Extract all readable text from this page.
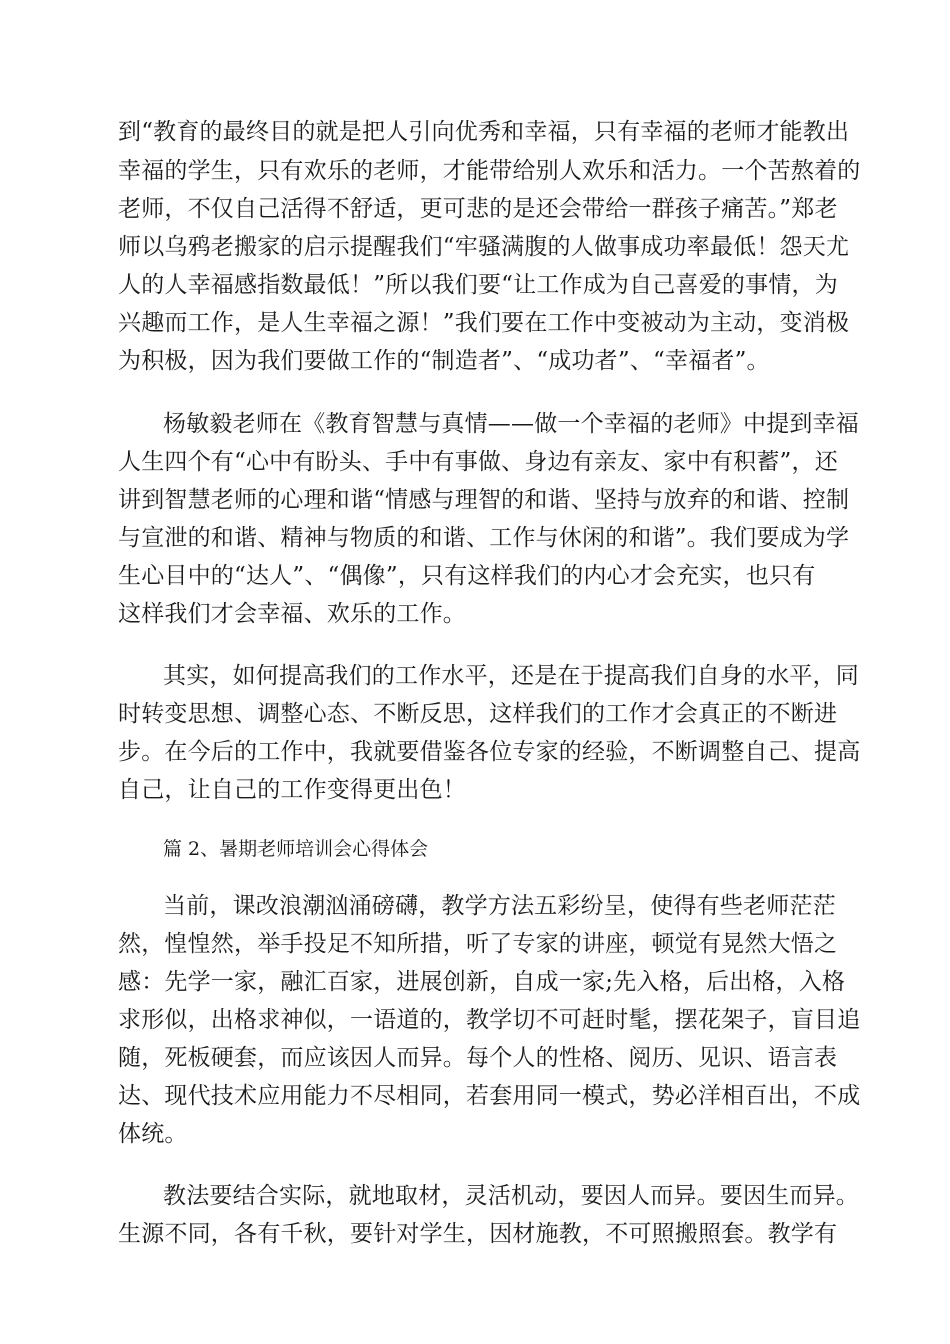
到“教育的最终目的就是把人引向优秀和幸福，只有幸福的老师才能教出
幸福的学生，只有欢乐的老师，才能带给别人欢乐和活力。一个苦熬着的
老师，不仅自己活得不舒适，更可悲的是还会带给一群孩子痛苦。”郑老
师以乌鸦老搬家的启示提醒我们“牢骚满腹的人做事成功率最低！怨天尤
人的人幸福感指数最低！”所以我们要“让工作成为自己喜爱的事情，为
兴趣而工作，是人生幸福之源！”我们要在工作中变被动为主动，变消极
为积极，因为我们要做工作的“制造者”、“成功者”、“幸福者”。
杨敏毅老师在《教育智慧与真情——做一个幸福的老师》中提到幸福
人生四个有“心中有盼头、手中有事做、身边有亲友、家中有积蓄”，还
讲到智慧老师的心理和谐“情感与理智的和谐、坚持与放弃的和谐、控制
与宣泄的和谐、精神与物质的和谐、工作与休闲的和谐”。我们要成为学
生心目中的“达人”、“偶像”，只有这样我们的内心才会充实，也只有
这样我们才会幸福、欢乐的工作。
其实，如何提高我们的工作水平，还是在于提高我们自身的水平，同
时转变思想、调整心态、不断反思，这样我们的工作才会真正的不断进
步。在今后的工作中，我就要借鉴各位专家的经验，不断调整自己、提高
自己，让自己的工作变得更出色！
篇 2、暑期老师培训会心得体会
当前，课改浪潮汹涌磅礴，教学方法五彩纷呈，使得有些老师茫茫
然，惶惶然，举手投足不知所措，听了专家的讲座，顿觉有晃然大悟之
感：先学一家，融汇百家，进展创新，自成一家;先入格，后出格，入格
求形似，出格求神似，一语道的，教学切不可赶时髦，摆花架子，盲目追
随，死板硬套，而应该因人而异。每个人的性格、阅历、见识、语言表
达、现代技术应用能力不尽相同，若套用同一模式，势必洋相百出，不成
体统。
教法要结合实际，就地取材，灵活机动，要因人而异。要因生而异。
生源不同，各有千秋，要针对学生，因材施教，不可照搬照套。教学有
